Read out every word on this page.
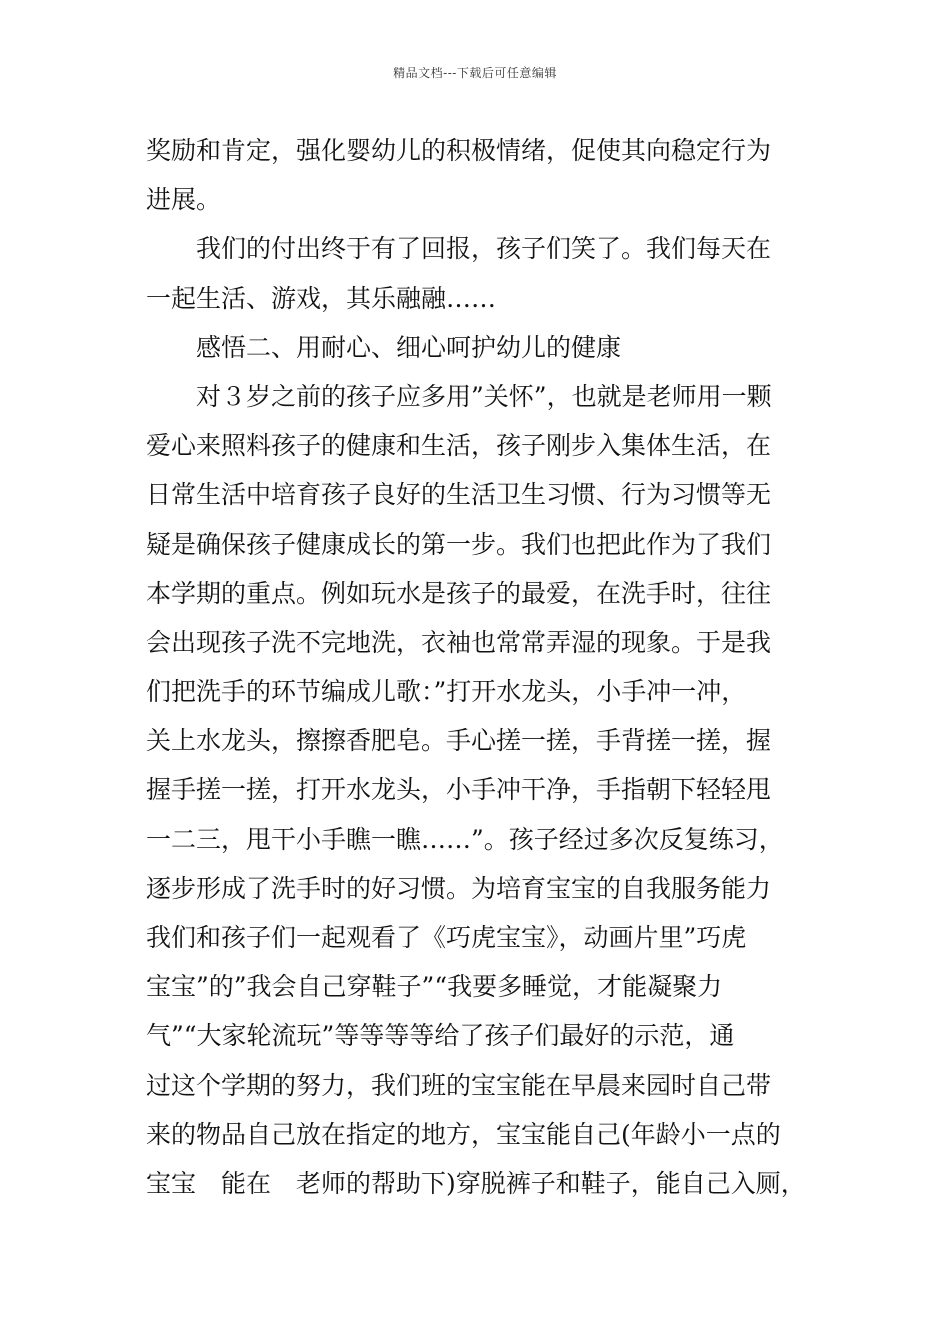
精品文档---下载后可任意编辑
奖励和肯定，强化婴幼儿的积极情绪，促使其向稳定行为
进展。
我们的付出终于有了回报，孩子们笑了。我们每天在
一起生活、游戏，其乐融融……
感悟二、用耐心、细心呵护幼儿的健康
对３岁之前的孩子应多用”关怀”，也就是老师用一颗
爱心来照料孩子的健康和生活，孩子刚步入集体生活，在
日常生活中培育孩子良好的生活卫生习惯、行为习惯等无
疑是确保孩子健康成长的第一步。我们也把此作为了我们
本学期的重点。例如玩水是孩子的最爱，在洗手时，往往
会出现孩子洗不完地洗，衣袖也常常弄湿的现象。于是我
们把洗手的环节编成儿歌：”打开水龙头，小手冲一冲，
关上水龙头，擦擦香肥皂。手心搓一搓，手背搓一搓，握
握手搓一搓，打开水龙头，小手冲干净，手指朝下轻轻甩
一二三，甩干小手瞧一瞧……”。孩子经过多次反复练习，
逐步形成了洗手时的好习惯。为培育宝宝的自我服务能力
我们和孩子们一起观看了《巧虎宝宝》，动画片里”巧虎
宝宝”的”我会自己穿鞋子”“我要多睡觉，才能凝聚力
气”“大家轮流玩”等等等等给了孩子们最好的示范，通
过这个学期的努力，我们班的宝宝能在早晨来园时自己带
来的物品自己放在指定的地方，宝宝能自己(年龄小一点的
宝宝　能在　老师的帮助下)穿脱裤子和鞋子，能自己入厕，
